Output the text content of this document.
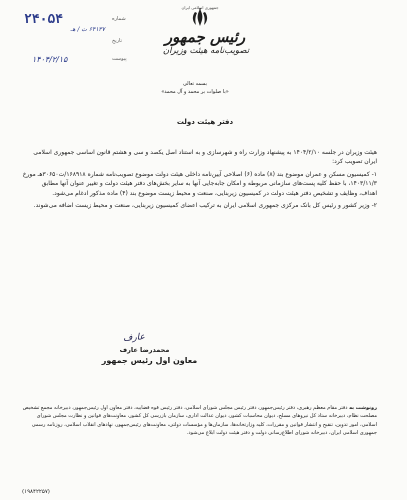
جمهوری اسلامی ایران
رئیس جمهور
تصویب‌نامه هیئت وزیران
۲۴۰۵۴	شماره
۶۴۱۳۷ ت / هـ
تاریخ
۱۴۰۴/۲/۱۵	پیوست
بسمه تعالی
«با صلوات بر محمد و آل محمد»
دفتر هیئت دولت

هیئت وزیران در جلسه ۱۴۰۴/۲/۱۰ به پیشنهاد وزارت راه و شهرسازی و به استناد اصل یکصد و سی و هشتم قانون اساسی جمهوری اسلامی ایران تصویب کرد:

۱- کمیسیون مسکن و عمران موضوع بند (۸) ماده (۶) اصلاحی آیین‌نامه داخلی هیئت دولت موضوع تصویب‌نامه شماره ۱۶۸۹۱۸/ت۳۰۶۵۰هـ مورخ ۱۴۰۳/۱۱/۳، با حفظ کلیه پست‌های سازمانی مربوطه و امکان جابه‌جایی آنها به سایر بخش‌های دفتر هیئت دولت و تغییر عنوان آنها مطابق اهداف، وظایف و تشخیص دفتر هیئت دولت در کمیسیون زیربنایی، صنعت و محیط زیست موضوع بند (۴) ماده مذکور ادغام می‌شود.

۲- وزیر کشور و رئیس کل بانک مرکزی جمهوری اسلامی ایران به ترکیب اعضای کمیسیون زیربنایی، صنعت و محیط زیست اضافه می‌شوند.

عارف
محمدرضا عارف
معاون اول رئیس جمهور

رونوشت به دفتر مقام معظم رهبری، دفتر رئیس‌جمهور، دفتر رئیس مجلس شورای اسلامی، دفتر رئیس قوه قضاییه، دفتر معاون اول رئیس‌جمهور، دبیرخانه مجمع تشخیص مصلحت نظام، دبیرخانه ستاد کل نیروهای مسلح، دیوان محاسبات کشور، دیوان عدالت اداری، سازمان بازرسی کل کشور، معاونت‌های قوانین و نظارت مجلس شورای اسلامی، امور تدوین، تنقیح و انتشار قوانین و مقررات، کلیه وزارتخانه‌ها، سازمان‌ها و مؤسسات دولتی، معاونت‌های رئیس‌جمهور، نهادهای انقلاب اسلامی، روزنامه رسمی جمهوری اسلامی ایران، دبیرخانه شورای اطلاع‌رسانی دولت و دفتر هیئت دولت ابلاغ می‌شود.

(۱۹۸۴۲۲۵۷)
